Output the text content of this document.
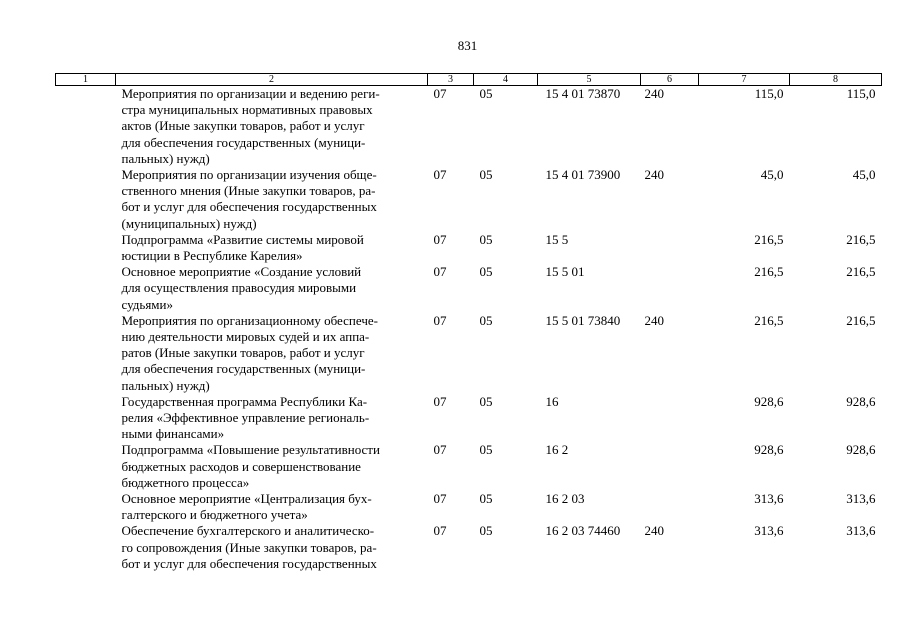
831
1	2	3	4	5	6	7	8

	Мероприятия по организации и ведению реги-
стра муниципальных нормативных правовых
актов (Иные закупки товаров, работ и услуг
для обеспечения государственных (муници-
пальных) нужд)	07	05	15 4 01 73870	240	115,0	115,0

	Мероприятия по организации изучения обще-
ственного мнения (Иные закупки товаров, ра-
бот и услуг для обеспечения государственных
(муниципальных) нужд)	07	05	15 4 01 73900	240	45,0	45,0

	Подпрограмма «Развитие системы мировой
юстиции в Республике Карелия»	07	05	15 5		216,5	216,5

	Основное мероприятие «Создание условий
для осуществления правосудия мировыми
судьями»	07	05	15 5 01		216,5	216,5

	Мероприятия по организационному обеспече-
нию деятельности мировых судей и их аппа-
ратов (Иные закупки товаров, работ и услуг
для обеспечения государственных (муници-
пальных) нужд)	07	05	15 5 01 73840	240	216,5	216,5

	Государственная программа Республики Ка-
релия «Эффективное управление региональ-
ными финансами»	07	05	16		928,6	928,6

	Подпрограмма «Повышение результативности
бюджетных расходов и совершенствование
бюджетного процесса»	07	05	16 2		928,6	928,6

	Основное мероприятие «Централизация бух-
галтерского и бюджетного учета»	07	05	16 2 03		313,6	313,6

	Обеспечение бухгалтерского и аналитическо-
го сопровождения (Иные закупки товаров, ра-
бот и услуг для обеспечения государственных	07	05	16 2 03 74460	240	313,6	313,6
